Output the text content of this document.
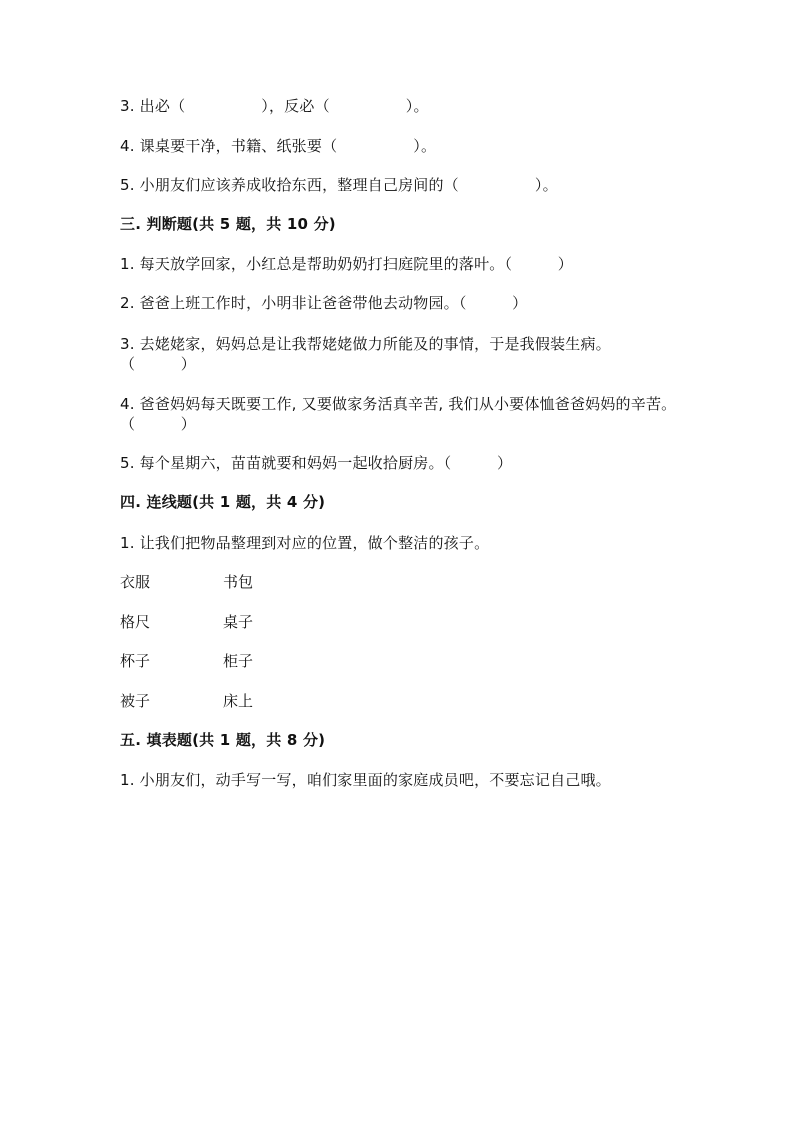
3. 出必（　　　　　），反必（　　　　　）。
4. 课桌要干净，书籍、纸张要（　　　　　）。
5. 小朋友们应该养成收拾东西，整理自己房间的（　　　　　）。
三. 判断题(共 5 题，共 10 分)
1. 每天放学回家，小红总是帮助奶奶打扫庭院里的落叶。（　　　）
2. 爸爸上班工作时，小明非让爸爸带他去动物园。（　　　）
3. 去姥姥家，妈妈总是让我帮姥姥做力所能及的事情，于是我假装生病。
（　　　）
4. 爸爸妈妈每天既要工作, 又要做家务活真辛苦, 我们从小要体恤爸爸妈妈的辛苦。（　　　）
5. 每个星期六，苗苗就要和妈妈一起收拾厨房。（　　　）
四. 连线题(共 1 题，共 4 分)
1. 让我们把物品整理到对应的位置，做个整洁的孩子。
衣服	书包
格尺	桌子
杯子	柜子
被子	床上
五. 填表题(共 1 题，共 8 分)
1. 小朋友们，动手写一写，咱们家里面的家庭成员吧，不要忘记自己哦。
